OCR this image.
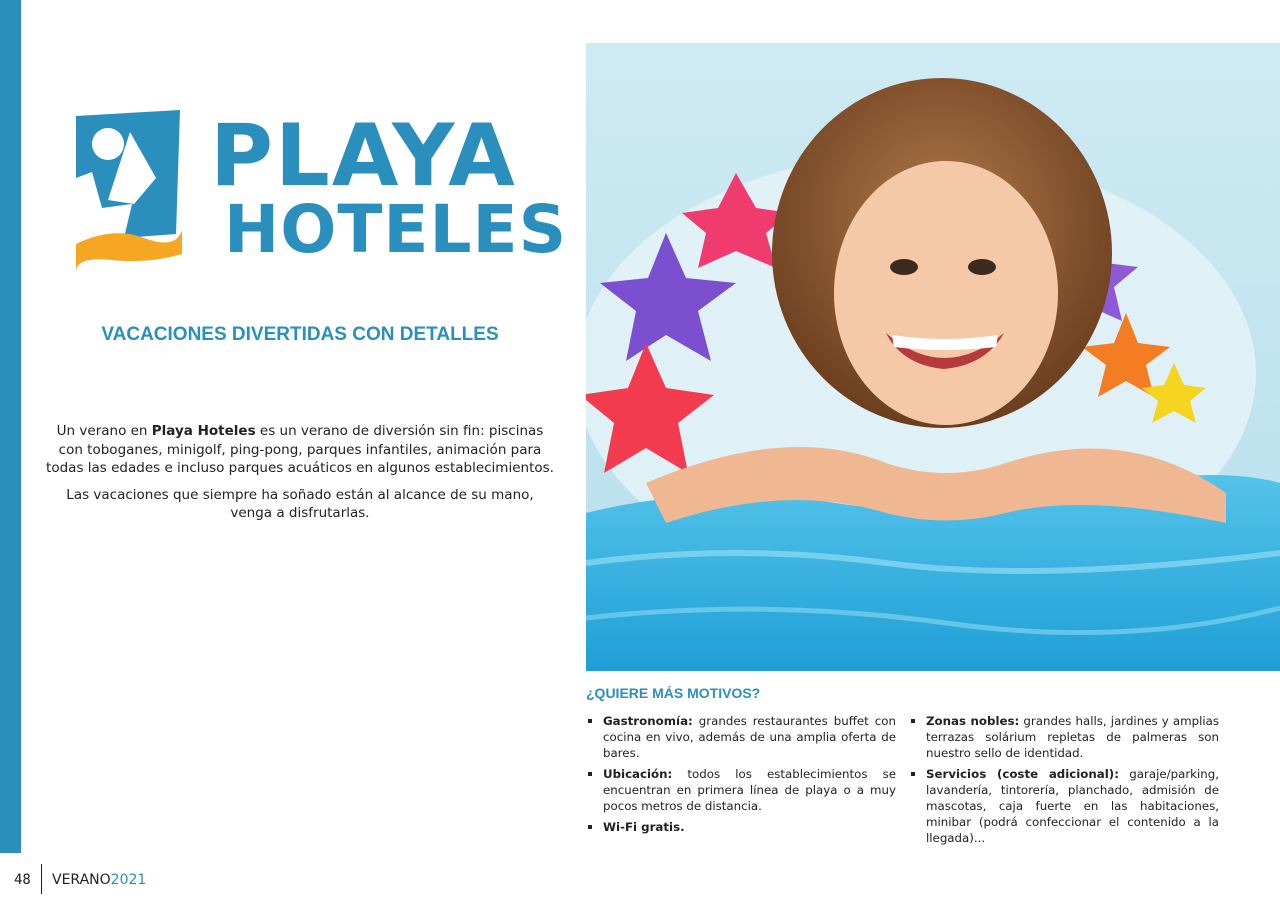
PLAYA
HOTELES
VACACIONES DIVERTIDAS CON DETALLES

Un verano en Playa Hoteles es un verano de diversión sin fin: piscinas con toboganes, minigolf, ping-pong, parques infantiles, animación para todas las edades e incluso parques acuáticos en algunos establecimientos.

Las vacaciones que siempre ha soñado están al alcance de su mano, venga a disfrutarlas.

¿QUIERE MÁS MOTIVOS?
Gastronomía: grandes restaurantes buffet con cocina en vivo, además de una amplia oferta de bares.
Ubicación: todos los establecimientos se encuentran en primera línea de playa o a muy pocos metros de distancia.
Wi-Fi gratis.
Zonas nobles: grandes halls, jardines y amplias terrazas solárium repletas de palmeras son nuestro sello de identidad.
Servicios (coste adicional): garaje/parking, lavandería, tintorería, planchado, admisión de mascotas, caja fuerte en las habitaciones, minibar (podrá confeccionar el contenido a la llegada)...
48 VERANO2021
